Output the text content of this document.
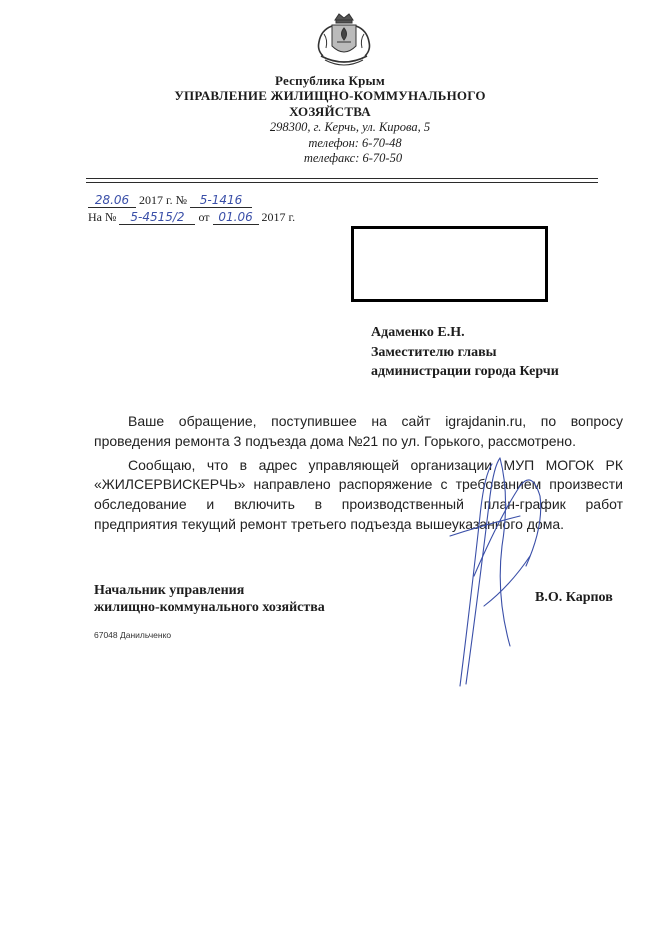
Республика Крым
УПРАВЛЕНИЕ ЖИЛИЩНО-КОММУНАЛЬНОГО
ХОЗЯЙСТВА
298300, г. Керчь, ул. Кирова, 5
телефон: 6-70-48
телефакс: 6-70-50
28.06 2017 г. № 5-1416
На № 5-4515/2 от 01.06 2017 г.
Адаменко Е.Н.
Заместителю главы
администрации города Керчи
Ваше обращение, поступившее на сайт igrajdanin.ru, по вопросу
проведения ремонта 3 подъезда дома №21 по ул. Горького, рассмотрено.
Сообщаю, что в адрес управляющей организации МУП МОГОК РК
«ЖИЛСЕРВИСКЕРЧЬ» направлено распоряжение с требованием произвести
обследование и включить в производственный план-график работ
предприятия текущий ремонт третьего подъезда вышеуказанного дома.
Начальник управления
жилищно-коммунального хозяйства
В.О. Карпов
67048 Данильченко
